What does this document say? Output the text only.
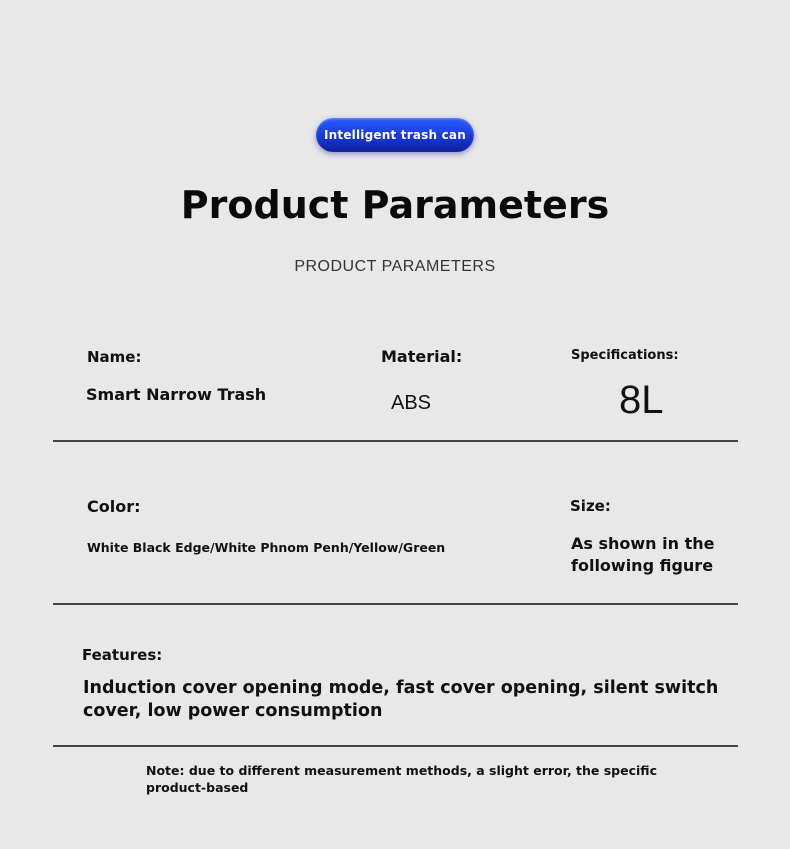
Intelligent trash can
Product Parameters
PRODUCT PARAMETERS
Name:
Smart Narrow Trash
Material:
ABS
Specifications:
8L
Color:
White Black Edge/White Phnom Penh/Yellow/Green
Size:
As shown in the
following figure
Features:
Induction cover opening mode, fast cover opening, silent switch
cover, low power consumption
Note: due to different measurement methods, a slight error, the specific
product-based
